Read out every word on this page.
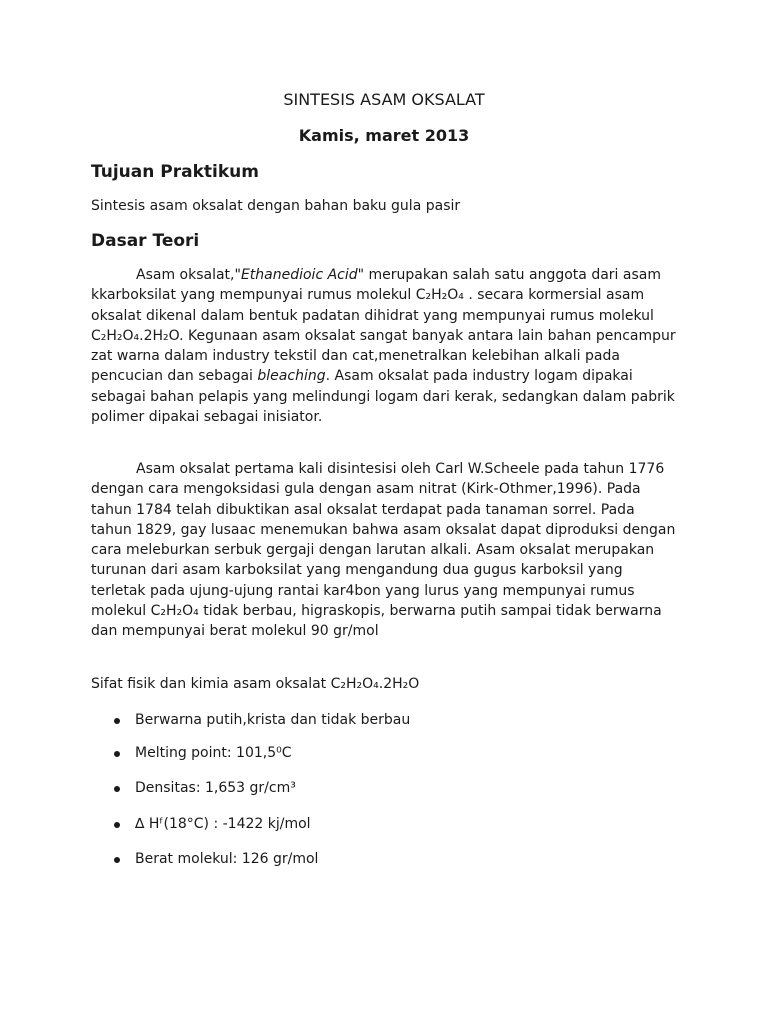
SINTESIS ASAM OKSALAT
Kamis, maret 2013
Tujuan Praktikum
Sintesis asam oksalat dengan bahan baku gula pasir
Dasar Teori

Asam oksalat,"Ethanedioic Acid" merupakan salah satu anggota dari asam kkarboksilat yang mempunyai rumus molekul C₂H₂O₄ . secara kormersial asam oksalat dikenal dalam bentuk padatan dihidrat yang mempunyai rumus molekul C₂H₂O₄.2H₂O. Kegunaan asam oksalat sangat banyak antara lain bahan pencampur zat warna dalam industry tekstil dan cat,menetralkan kelebihan alkali pada pencucian dan sebagai bleaching. Asam oksalat pada industry logam dipakai sebagai bahan pelapis yang melindungi logam dari kerak, sedangkan dalam pabrik polimer dipakai sebagai inisiator.

Asam oksalat pertama kali disintesisi oleh Carl W.Scheele pada tahun 1776 dengan cara mengoksidasi gula dengan asam nitrat (Kirk-Othmer,1996). Pada tahun 1784 telah dibuktikan asal oksalat terdapat pada tanaman sorrel. Pada tahun 1829, gay lusaac menemukan bahwa asam oksalat dapat diproduksi dengan cara meleburkan serbuk gergaji dengan larutan alkali. Asam oksalat merupakan turunan dari asam karboksilat yang mengandung dua gugus karboksil yang terletak pada ujung-ujung rantai kar4bon yang lurus yang mempunyai rumus molekul C₂H₂O₄ tidak berbau, higraskopis, berwarna putih sampai tidak berwarna dan mempunyai berat molekul 90 gr/mol

Sifat fisik dan kimia asam oksalat C₂H₂O₄.2H₂O
Berwarna putih,krista dan tidak berbau
Melting point: 101,5⁰C
Densitas: 1,653 gr/cm³
∆ Hᶠ(18°C) : -1422 kj/mol
Berat molekul: 126 gr/mol
